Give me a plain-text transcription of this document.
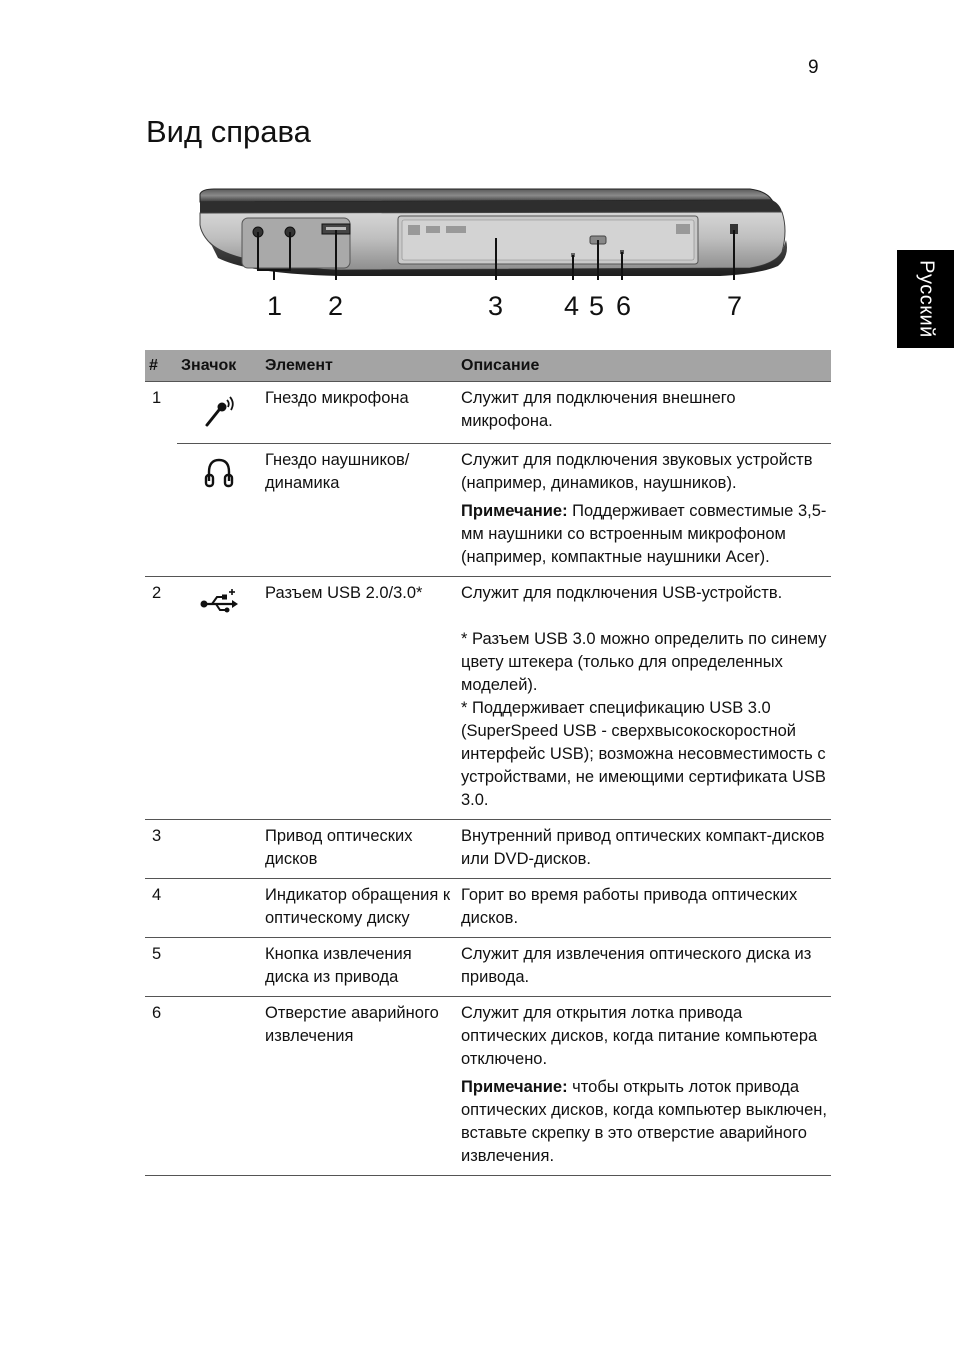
9
Вид справа
Русский
1 2	3 4 5 6	7
#	Значок	Элемент	Описание
1		Гнездо микрофона	Служит для подключения внешнего микрофона.

		Гнездо наушников/ динамика	Служит для подключения звуковых устройств (например, динамиков, наушников).

Примечание: Поддерживает совместимые 3,5-мм наушники со встроенным микрофоном (например, компактные наушники Acer).

2		Разъем USB 2.0/3.0*	Служит для подключения USB-устройств.

* Разъем USB 3.0 можно определить по синему цвету штекера (только для определенных моделей).

* Поддерживает спецификацию USB 3.0 (SuperSpeed USB - сверхвысокоскоростной интерфейс USB); возможна несовместимость с устройствами, не имеющими сертификата USB 3.0.

3		Привод оптических дисков	Внутренний привод оптических компакт-дисков или DVD-дисков.

4		Индикатор обращения к оптическому диску	Горит во время работы привода оптических дисков.

5		Кнопка извлечения диска из привода	Служит для извлечения оптического диска из привода.

6		Отверстие аварийного извлечения	Служит для открытия лотка привода оптических дисков, когда питание компьютера отключено.

Примечание: чтобы открыть лоток привода оптических дисков, когда компьютер выключен, вставьте скрепку в это отверстие аварийного извлечения.
